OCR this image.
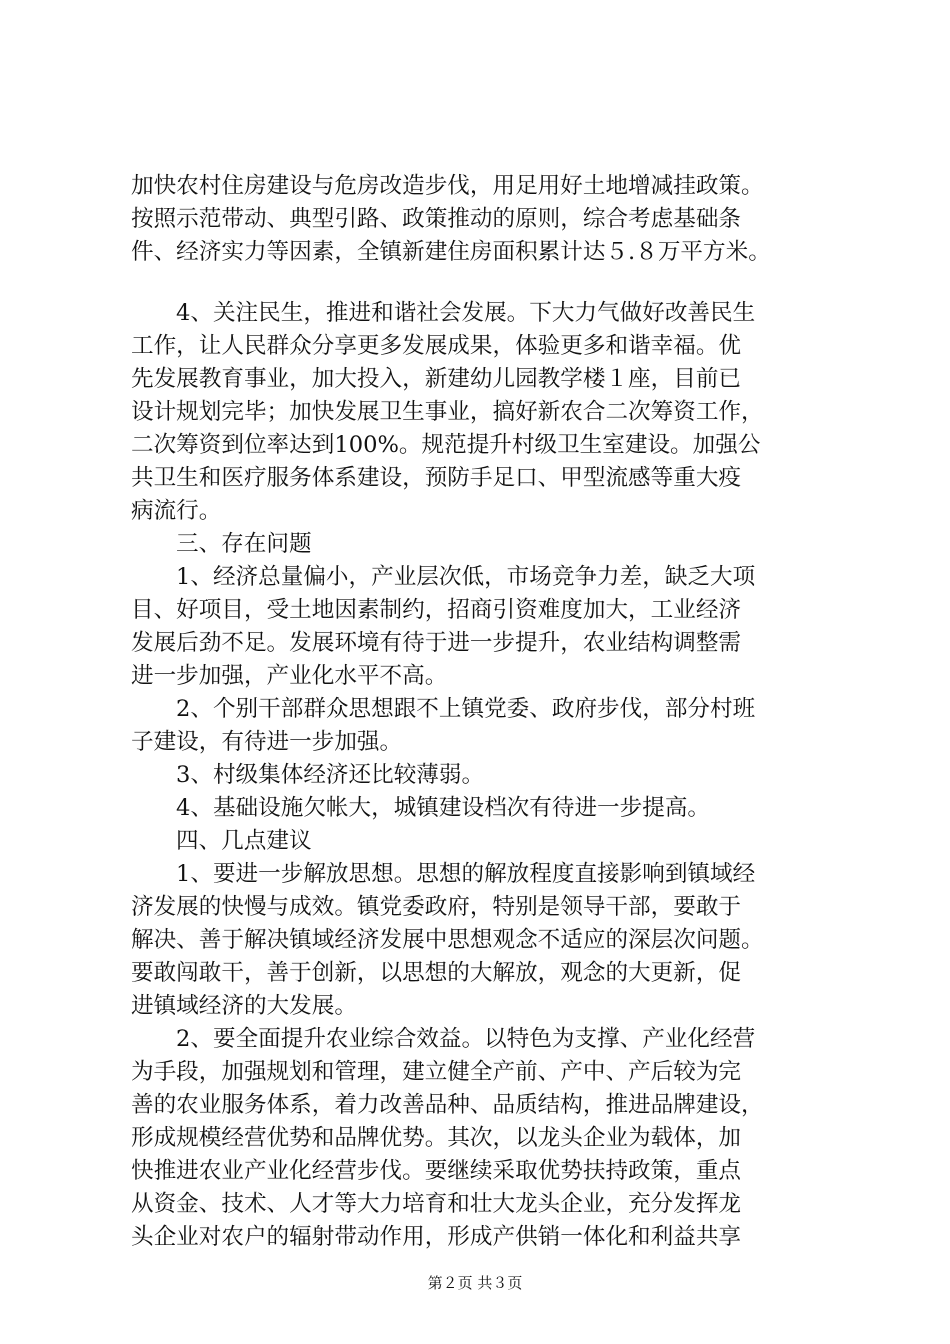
加快农村住房建设与危房改造步伐，用足用好土地增减挂政策。
按照示范带动、典型引路、政策推动的原则，综合考虑基础条
件、经济实力等因素，全镇新建住房面积累计达５.８万平方米。
4、关注民生，推进和谐社会发展。下大力气做好改善民生
工作，让人民群众分享更多发展成果，体验更多和谐幸福。优
先发展教育事业，加大投入，新建幼儿园教学楼１座，目前已
设计规划完毕；加快发展卫生事业，搞好新农合二次筹资工作，
二次筹资到位率达到100%。规范提升村级卫生室建设。加强公
共卫生和医疗服务体系建设，预防手足口、甲型流感等重大疫
病流行。
三、存在问题
1、经济总量偏小，产业层次低，市场竞争力差，缺乏大项
目、好项目，受土地因素制约，招商引资难度加大，工业经济
发展后劲不足。发展环境有待于进一步提升，农业结构调整需
进一步加强，产业化水平不高。
2、个别干部群众思想跟不上镇党委、政府步伐，部分村班
子建设，有待进一步加强。
3、村级集体经济还比较薄弱。
4、基础设施欠帐大，城镇建设档次有待进一步提高。
四、几点建议
1、要进一步解放思想。思想的解放程度直接影响到镇域经
济发展的快慢与成效。镇党委政府，特别是领导干部，要敢于
解决、善于解决镇域经济发展中思想观念不适应的深层次问题。
要敢闯敢干，善于创新，以思想的大解放，观念的大更新，促
进镇域经济的大发展。
2、要全面提升农业综合效益。以特色为支撑、产业化经营
为手段，加强规划和管理，建立健全产前、产中、产后较为完
善的农业服务体系，着力改善品种、品质结构，推进品牌建设，
形成规模经营优势和品牌优势。其次，以龙头企业为载体，加
快推进农业产业化经营步伐。要继续采取优势扶持政策，重点
从资金、技术、人才等大力培育和壮大龙头企业，充分发挥龙
头企业对农户的辐射带动作用，形成产供销一体化和利益共享
第２页 共３页
